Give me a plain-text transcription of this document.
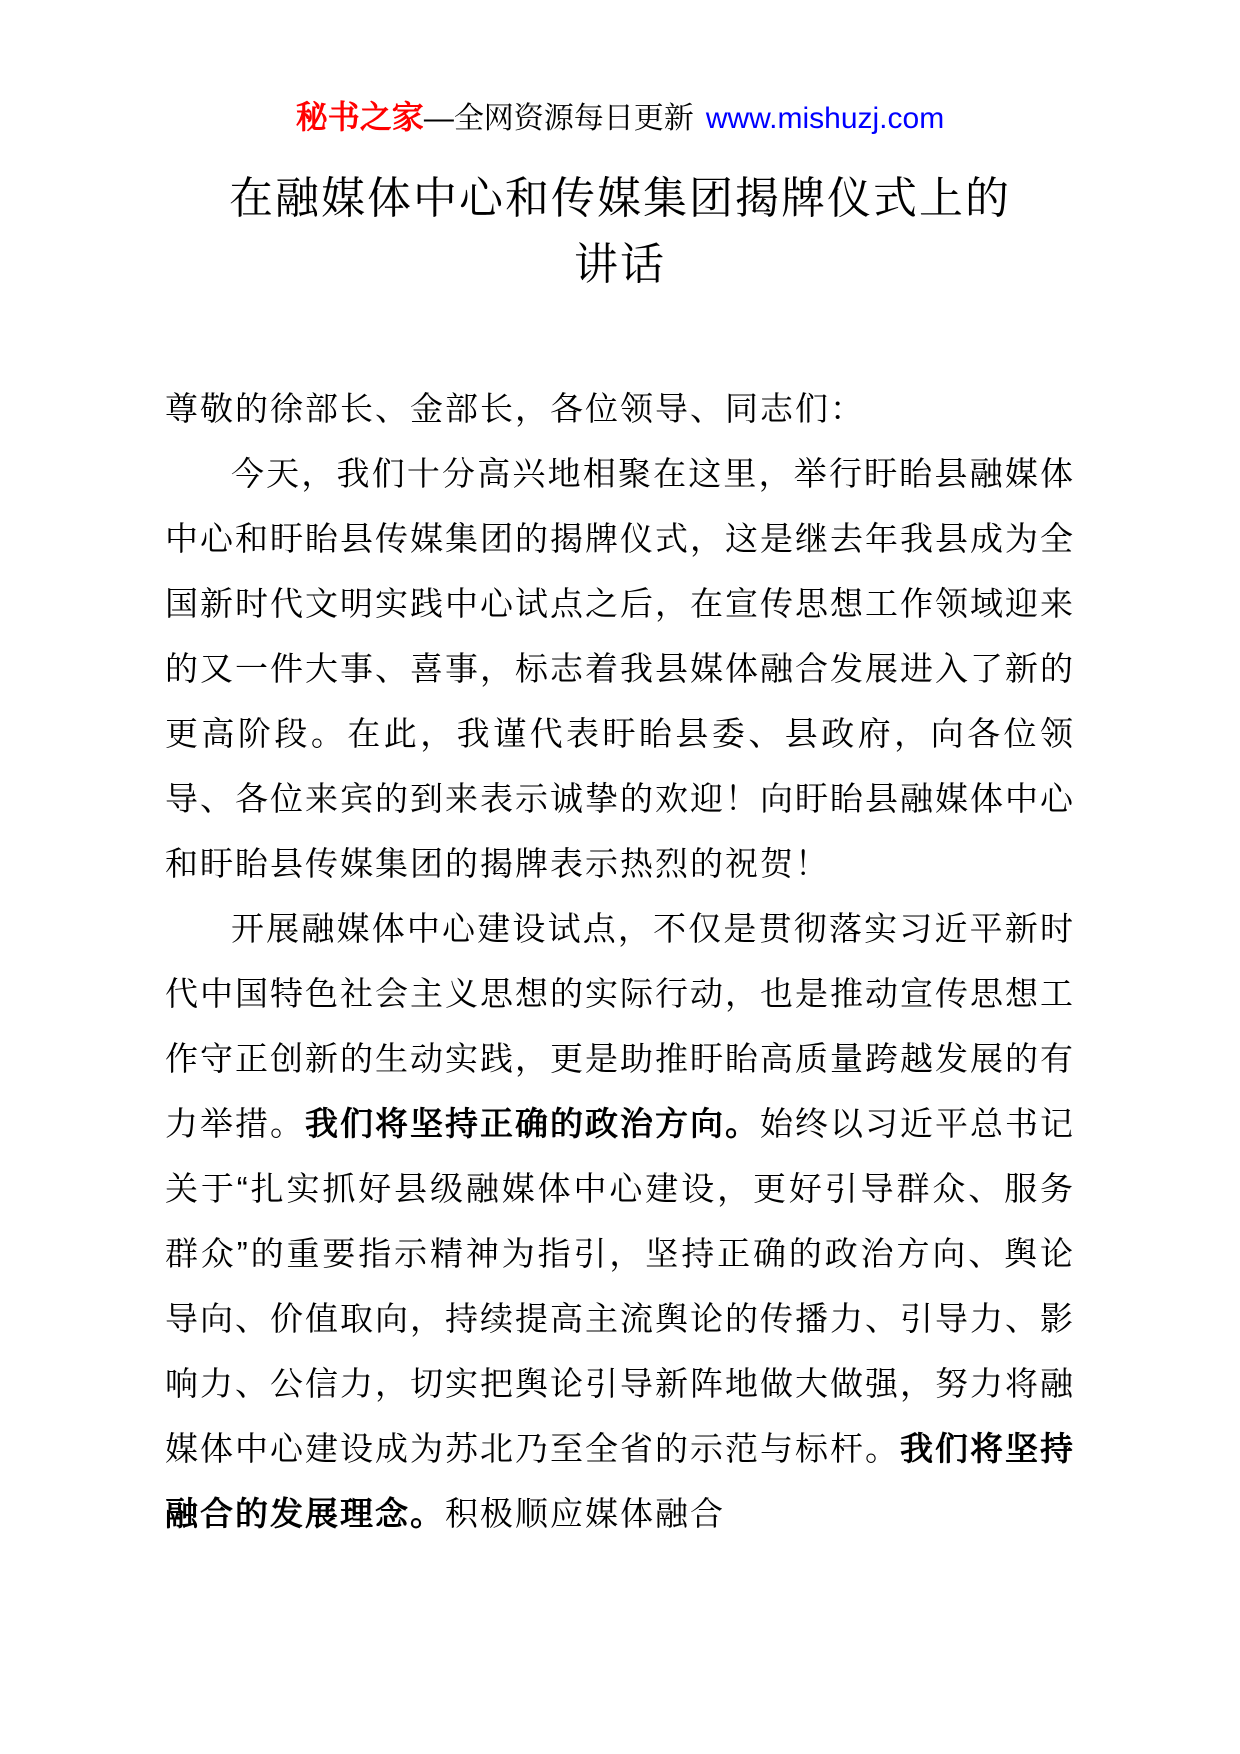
秘书之家—全网资源每日更新 www.mishuzj.com
在融媒体中心和传媒集团揭牌仪式上的讲话

尊敬的徐部长、金部长，各位领导、同志们：

今天，我们十分高兴地相聚在这里，举行盱眙县融媒体中心和盱眙县传媒集团的揭牌仪式，这是继去年我县成为全国新时代文明实践中心试点之后，在宣传思想工作领域迎来的又一件大事、喜事，标志着我县媒体融合发展进入了新的更高阶段。在此，我谨代表盱眙县委、县政府，向各位领导、各位来宾的到来表示诚挚的欢迎！向盱眙县融媒体中心和盱眙县传媒集团的揭牌表示热烈的祝贺！

开展融媒体中心建设试点，不仅是贯彻落实习近平新时代中国特色社会主义思想的实际行动，也是推动宣传思想工作守正创新的生动实践，更是助推盱眙高质量跨越发展的有力举措。我们将坚持正确的政治方向。始终以习近平总书记关于“扎实抓好县级融媒体中心建设，更好引导群众、服务群众”的重要指示精神为指引，坚持正确的政治方向、舆论导向、价值取向，持续提高主流舆论的传播力、引导力、影响力、公信力，切实把舆论引导新阵地做大做强，努力将融媒体中心建设成为苏北乃至全省的示范与标杆。我们将坚持融合的发展理念。积极顺应媒体融合
